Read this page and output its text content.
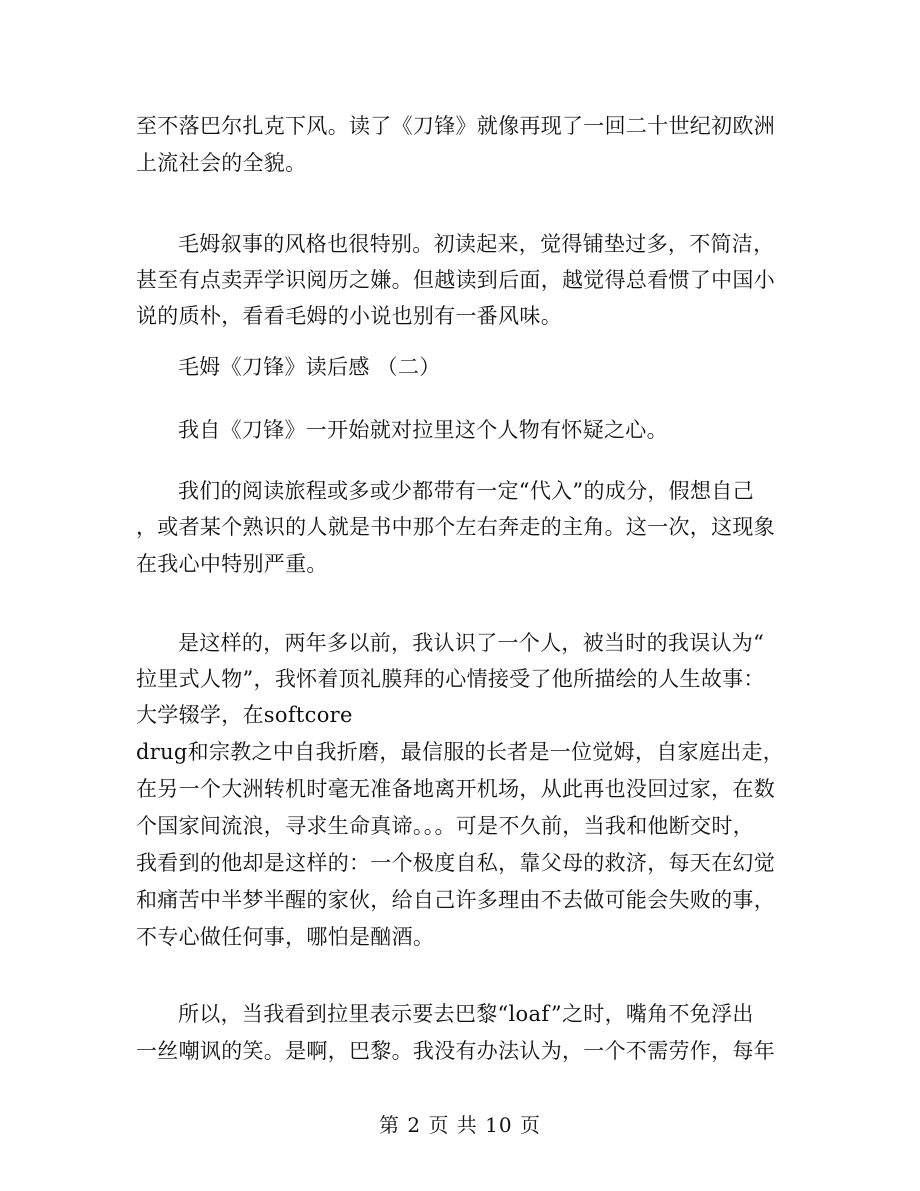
至不落巴尔扎克下风。读了《刀锋》就像再现了一回二十世纪初欧洲
上流社会的全貌。
毛姆叙事的风格也很特别。初读起来，觉得铺垫过多，不简洁，
甚至有点卖弄学识阅历之嫌。但越读到后面，越觉得总看惯了中国小
说的质朴，看看毛姆的小说也别有一番风味。
毛姆《刀锋》读后感 （二）
我自《刀锋》一开始就对拉里这个人物有怀疑之心。
我们的阅读旅程或多或少都带有一定“代入”的成分，假想自己
，或者某个熟识的人就是书中那个左右奔走的主角。这一次，这现象
在我心中特别严重。
是这样的，两年多以前，我认识了一个人，被当时的我误认为“
拉里式人物”，我怀着顶礼膜拜的心情接受了他所描绘的人生故事：
大学辍学，在softcore
drug和宗教之中自我折磨，最信服的长者是一位觉姆，自家庭出走，
在另一个大洲转机时毫无准备地离开机场，从此再也没回过家，在数
个国家间流浪，寻求生命真谛。。。可是不久前，当我和他断交时，
我看到的他却是这样的：一个极度自私，靠父母的救济，每天在幻觉
和痛苦中半梦半醒的家伙，给自己许多理由不去做可能会失败的事，
不专心做任何事，哪怕是酗酒。
所以，当我看到拉里表示要去巴黎“loaf”之时，嘴角不免浮出
一丝嘲讽的笑。是啊，巴黎。我没有办法认为，一个不需劳作，每年
第 2 页 共 10 页
